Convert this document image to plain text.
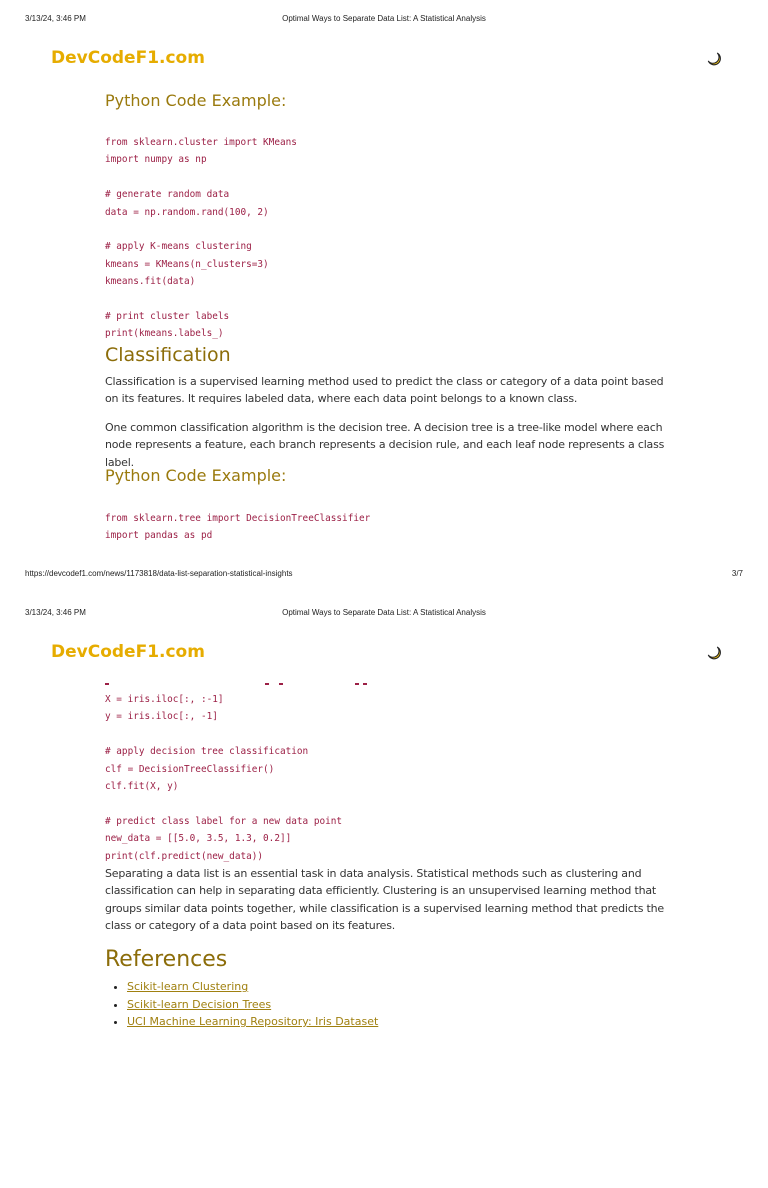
3/13/24, 3:46 PM	Optimal Ways to Separate Data List: A Statistical Analysis
DevCodeF1.com
Python Code Example:
from sklearn.cluster import KMeans
import numpy as np

# generate random data
data = np.random.rand(100, 2)

# apply K-means clustering
kmeans = KMeans(n_clusters=3)
kmeans.fit(data)

# print cluster labels
print(kmeans.labels_)
Classification

Classification is a supervised learning method used to predict the class or category of a data point based on its features. It requires labeled data, where each data point belongs to a known class.

One common classification algorithm is the decision tree. A decision tree is a tree-like model where each node represents a feature, each branch represents a decision rule, and each leaf node represents a class label.

Python Code Example:
from sklearn.tree import DecisionTreeClassifier
import pandas as pd
https://devcodef1.com/news/1173818/data-list-separation-statistical-insights	3/7
3/13/24, 3:46 PM	Optimal Ways to Separate Data List: A Statistical Analysis
DevCodeF1.com
X = iris.iloc[:, :-1]
y = iris.iloc[:, -1]

# apply decision tree classification
clf = DecisionTreeClassifier()
clf.fit(X, y)

# predict class label for a new data point
new_data = [[5.0, 3.5, 1.3, 0.2]]
print(clf.predict(new_data))

Separating a data list is an essential task in data analysis. Statistical methods such as clustering and classification can help in separating data efficiently. Clustering is an unsupervised learning method that groups similar data points together, while classification is a supervised learning method that predicts the class or category of a data point based on its features.

References
• Scikit-learn Clustering
• Scikit-learn Decision Trees
• UCI Machine Learning Repository: Iris Dataset
